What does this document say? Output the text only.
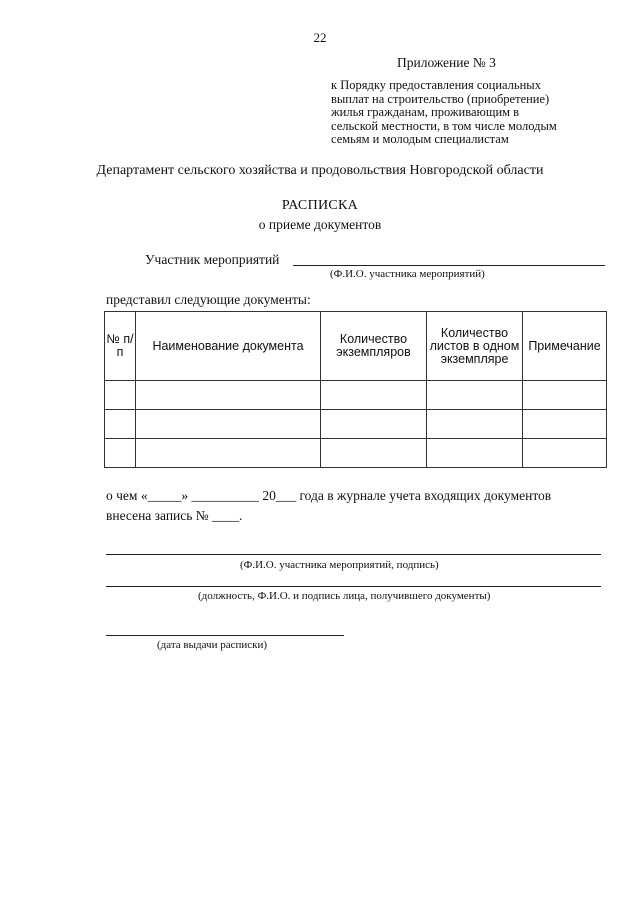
22
Приложение № 3
к Порядку предоставления социальных
выплат на строительство (приобретение)
жилья гражданам, проживающим в
сельской местности, в том числе молодым
семьям и молодым специалистам
Департамент сельского хозяйства и продовольствия Новгородской области
РАСПИСКА
о приеме документов
Участник мероприятий
(Ф.И.О. участника мероприятий)
представил следующие документы:
№ п/п	Наименование документа	Количество экземпляров	Количество листов в одном экземпляре	Примечание

о чем «_____» __________ 20___ года в журнале учета входящих документов
внесена запись № ____.
(Ф.И.О. участника мероприятий, подпись)
(должность, Ф.И.О. и подпись лица, получившего документы)
(дата выдачи расписки)
